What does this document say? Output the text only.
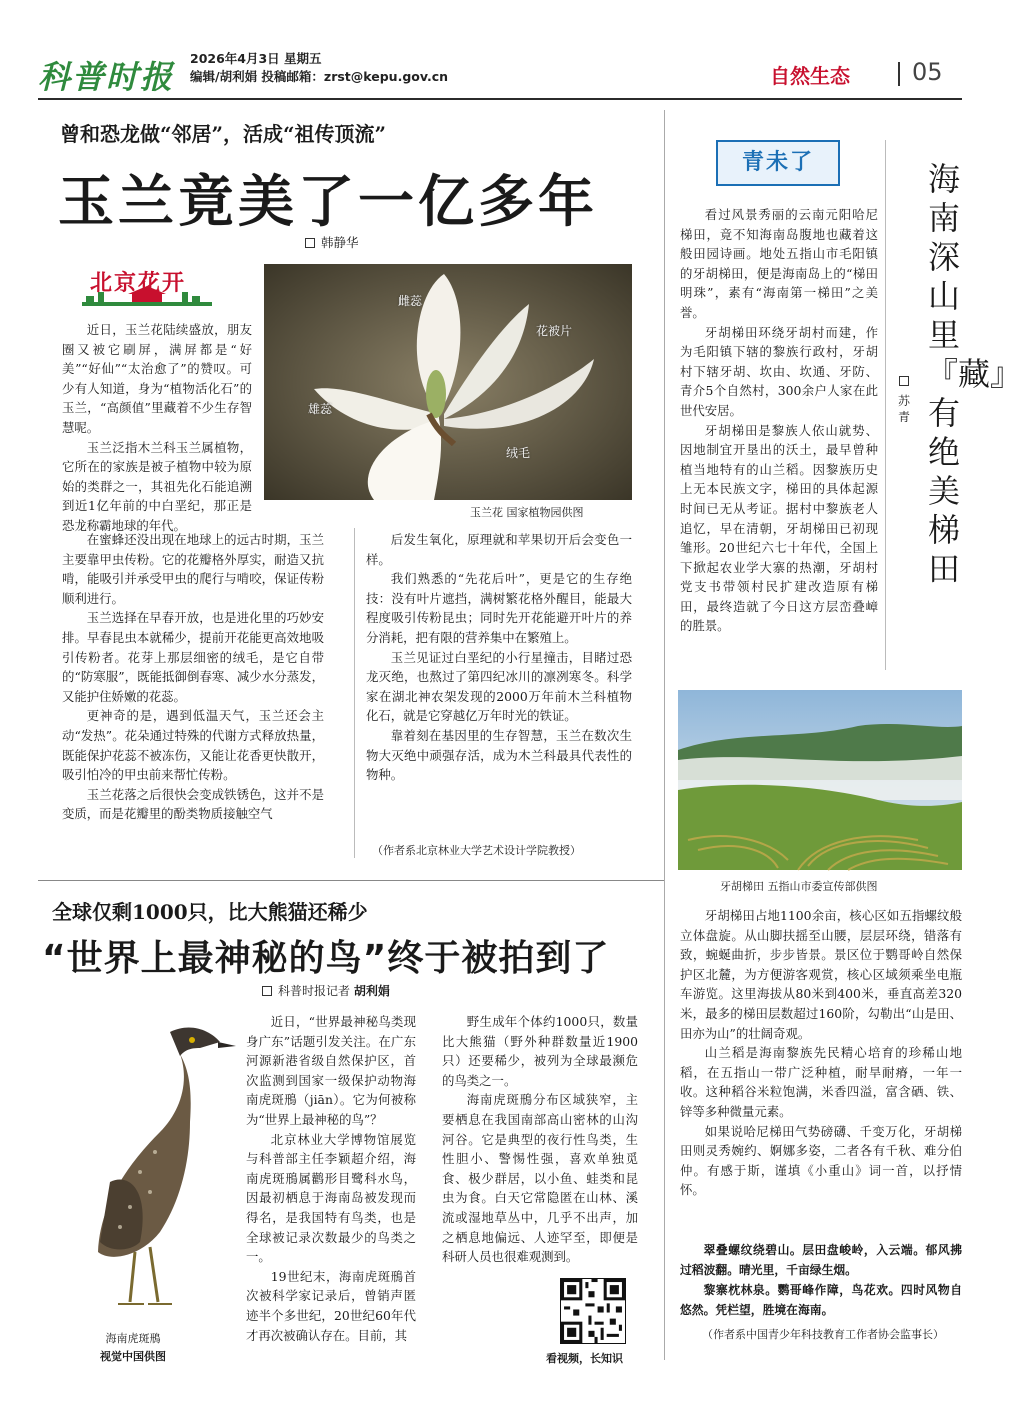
科普时报 2026年4月3日 星期五
编辑/胡利娟 投稿邮箱：zrst@kepu.gov.cn	自然生态	05
曾和恐龙做“邻居”，活成“祖传顶流”
玉兰竟美了一亿多年
韩静华
北京花开
雌蕊
花被片
雄蕊
绒毛
玉兰花 国家植物园供图

近日，玉兰花陆续盛放，朋友圈又被它刷屏，满屏都是“好美”“好仙”“太治愈了”的赞叹。可少有人知道，身为“植物活化石”的玉兰，“高颜值”里藏着不少生存智慧呢。

玉兰泛指木兰科玉兰属植物，它所在的家族是被子植物中较为原始的类群之一，其祖先化石能追溯到近1亿年前的中白垩纪，那正是恐龙称霸地球的年代。

在蜜蜂还没出现在地球上的远古时期，玉兰主要靠甲虫传粉。它的花瓣格外厚实，耐造又抗啃，能吸引并承受甲虫的爬行与啃咬，保证传粉顺利进行。

玉兰选择在早春开放，也是进化里的巧妙安排。早春昆虫本就稀少，提前开花能更高效地吸引传粉者。花芽上那层细密的绒毛，是它自带的“防寒服”，既能抵御倒春寒、减少水分蒸发，又能护住娇嫩的花蕊。

更神奇的是，遇到低温天气，玉兰还会主动“发热”。花朵通过特殊的代谢方式释放热量，既能保护花蕊不被冻伤，又能让花香更快散开，吸引怕冷的甲虫前来帮忙传粉。

玉兰花落之后很快会变成铁锈色，这并不是变质，而是花瓣里的酚类物质接触空气

后发生氧化，原理就和苹果切开后会变色一样。

我们熟悉的“先花后叶”，更是它的生存绝技：没有叶片遮挡，满树繁花格外醒目，能最大程度吸引传粉昆虫；同时先开花能避开叶片的养分消耗，把有限的营养集中在繁殖上。

玉兰见证过白垩纪的小行星撞击，目睹过恐龙灭绝，也熬过了第四纪冰川的凛冽寒冬。科学家在湖北神农架发现的2000万年前木兰科植物化石，就是它穿越亿万年时光的铁证。

靠着刻在基因里的生存智慧，玉兰在数次生物大灭绝中顽强存活，成为木兰科最具代表性的物种。

（作者系北京林业大学艺术设计学院教授）
青未了	海南深山里『藏』有绝美梯田
苏青

看过风景秀丽的云南元阳哈尼梯田，竟不知海南岛腹地也藏着这般田园诗画。地处五指山市毛阳镇的牙胡梯田，便是海南岛上的“梯田明珠”，素有“海南第一梯田”之美誉。

牙胡梯田环绕牙胡村而建，作为毛阳镇下辖的黎族行政村，牙胡村下辖牙胡、坎由、坎通、牙防、青介5个自然村，300余户人家在此世代安居。

牙胡梯田是黎族人依山就势、因地制宜开垦出的沃土，最早曾种植当地特有的山兰稻。因黎族历史上无本民族文字，梯田的具体起源时间已无从考证。据村中黎族老人追忆，早在清朝，牙胡梯田已初现雏形。20世纪六七十年代，全国上下掀起农业学大寨的热潮，牙胡村党支书带领村民扩建改造原有梯田，最终造就了今日这方层峦叠嶂的胜景。

牙胡梯田 五指山市委宣传部供图

牙胡梯田占地1100余亩，核心区如五指螺纹般立体盘旋。从山脚扶摇至山腰，层层环绕，错落有致，蜿蜒曲折，步步皆景。景区位于鹦哥岭自然保护区北麓，为方便游客观赏，核心区域须乘坐电瓶车游览。这里海拔从80米到400米，垂直高差320米，最多的梯田层数超过160阶，勾勒出“山是田、田亦为山”的壮阔奇观。

山兰稻是海南黎族先民精心培育的珍稀山地稻，在五指山一带广泛种植，耐旱耐瘠，一年一收。这种稻谷米粒饱满，米香四溢，富含硒、铁、锌等多种微量元素。

如果说哈尼梯田气势磅礴、千变万化，牙胡梯田则灵秀婉约、婀娜多姿，二者各有千秋、难分伯仲。有感于斯，谨填《小重山》词一首，以抒情怀。

翠叠螺纹绕碧山。层田盘峻岭，入云端。郁风拂过稻波翻。晴光里，千亩绿生烟。

黎寨枕林泉。鹦哥峰作障，鸟花欢。四时风物自悠然。凭栏望，胜境在海南。

（作者系中国青少年科技教育工作者协会监事长）
全球仅剩1000只，比大熊猫还稀少
“世界上最神秘的鸟”终于被拍到了
科普时报记者 胡利娟
海南虎斑鳽
视觉中国供图

近日，“世界最神秘鸟类现身广东”话题引发关注。在广东河源新港省级自然保护区，首次监测到国家一级保护动物海南虎斑鳽（jiān）。它为何被称为“世界上最神秘的鸟”？

北京林业大学博物馆展览与科普部主任李颖超介绍，海南虎斑鳽属鹳形目鹭科水鸟，因最初栖息于海南岛被发现而得名，是我国特有鸟类，也是全球被记录次数最少的鸟类之一。

19世纪末，海南虎斑鳽首次被科学家记录后，曾销声匿迹半个多世纪，20世纪60年代才再次被确认存在。目前，其

野生成年个体约1000只，数量比大熊猫（野外种群数量近1900只）还要稀少，被列为全球最濒危的鸟类之一。

海南虎斑鳽分布区域狭窄，主要栖息在我国南部高山密林的山沟河谷。它是典型的夜行性鸟类，生性胆小、警惕性强，喜欢单独觅食、极少群居，以小鱼、蛙类和昆虫为食。白天它常隐匿在山林、溪流或湿地草丛中，几乎不出声，加之栖息地偏远、人迹罕至，即便是科研人员也很难观测到。

看视频，长知识
